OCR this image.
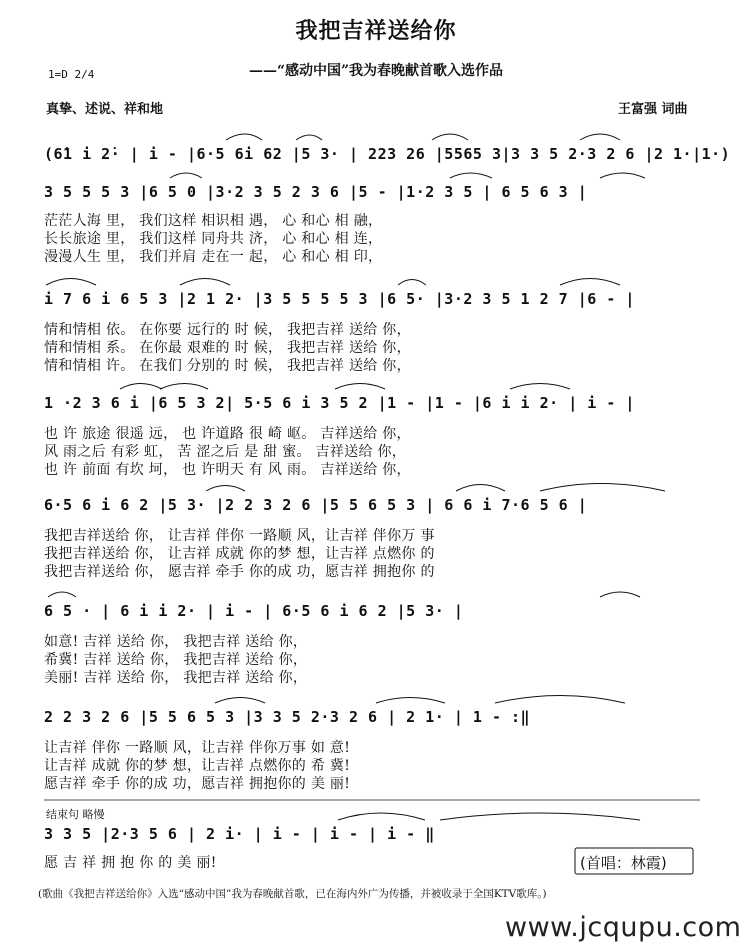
我把吉祥送给你
——“感动中国”我为春晚献首歌入选作品
1=D 2/4
真挚、述说、祥和地	王富强 词曲
(6̇1 i 2̇· | i - |6·5 6i 62 |5 3· | 223 26 |5565 3|3 3 5 2·3 2 6 |2 1·|1·)
3 5 5 5 3 |6 5 0 |3·2 3 5 2 3 6 |5 - |1·2 3 5 | 6 5 6 3 |
茫茫人海 里， 我们这样 相识相 遇， 心 和心 相 融，
长长旅途 里， 我们这样 同舟共 济， 心 和心 相 连，
漫漫人生 里， 我们并肩 走在一 起， 心 和心 相 印，
i 7 6 i 6 5 3 |2 1 2· |3 5 5 5 5 3 |6 5· |3·2 3 5 1 2 7 |6 - |
情和情相 依。 在你要 远行的 时 候， 我把吉祥 送给 你，
情和情相 系。 在你最 艰难的 时 候， 我把吉祥 送给 你，
情和情相 许。 在我们 分别的 时 候， 我把吉祥 送给 你，
1 ·2 3 6 i |6 5 3 2| 5·5 6 i 3 5 2 |1 - |1 - |6 i i 2· | i - |
也 许 旅途 很遥 远， 也 许道路 很 崎 岖。 吉祥送给 你，
风 雨之后 有彩 虹， 苦 涩之后 是 甜 蜜。 吉祥送给 你，
也 许 前面 有坎 坷， 也 许明天 有 风 雨。 吉祥送给 你，
6·5 6 i 6 2 |5 3· |2 2 3 2 6 |5 5 6 5 3 | 6 6 i 7·6 5 6 |
我把吉祥送给 你， 让吉祥 伴你 一路顺 风，让吉祥 伴你万 事
我把吉祥送给 你， 让吉祥 成就 你的梦 想，让吉祥 点燃你 的
我把吉祥送给 你， 愿吉祥 牵手 你的成 功，愿吉祥 拥抱你 的
6 5 · | 6 i i 2· | i - | 6·5 6 i 6 2 |5 3· |
如意! 吉祥 送给 你， 我把吉祥 送给 你，
希冀! 吉祥 送给 你， 我把吉祥 送给 你，
美丽! 吉祥 送给 你， 我把吉祥 送给 你，
2 2 3 2 6 |5 5 6 5 3 |3 3 5 2·3 2 6 | 2 1· | 1 - :‖
让吉祥 伴你 一路顺 风，让吉祥 伴你万事 如 意!
让吉祥 成就 你的梦 想，让吉祥 点燃你的 希 冀!
愿吉祥 牵手 你的成 功，愿吉祥 拥抱你的 美 丽!
结束句 略慢
3 3 5 |2·3 5 6 | 2 i· | i - | i - | i - ‖
愿 吉 祥 拥 抱 你 的 美 丽!	(首唱：林霞)
(歌曲《我把吉祥送给你》入选“感动中国”我为春晚献首歌，已在海内外广为传播，并被收录于全国KTV歌库。)
www.jcqupu.com
